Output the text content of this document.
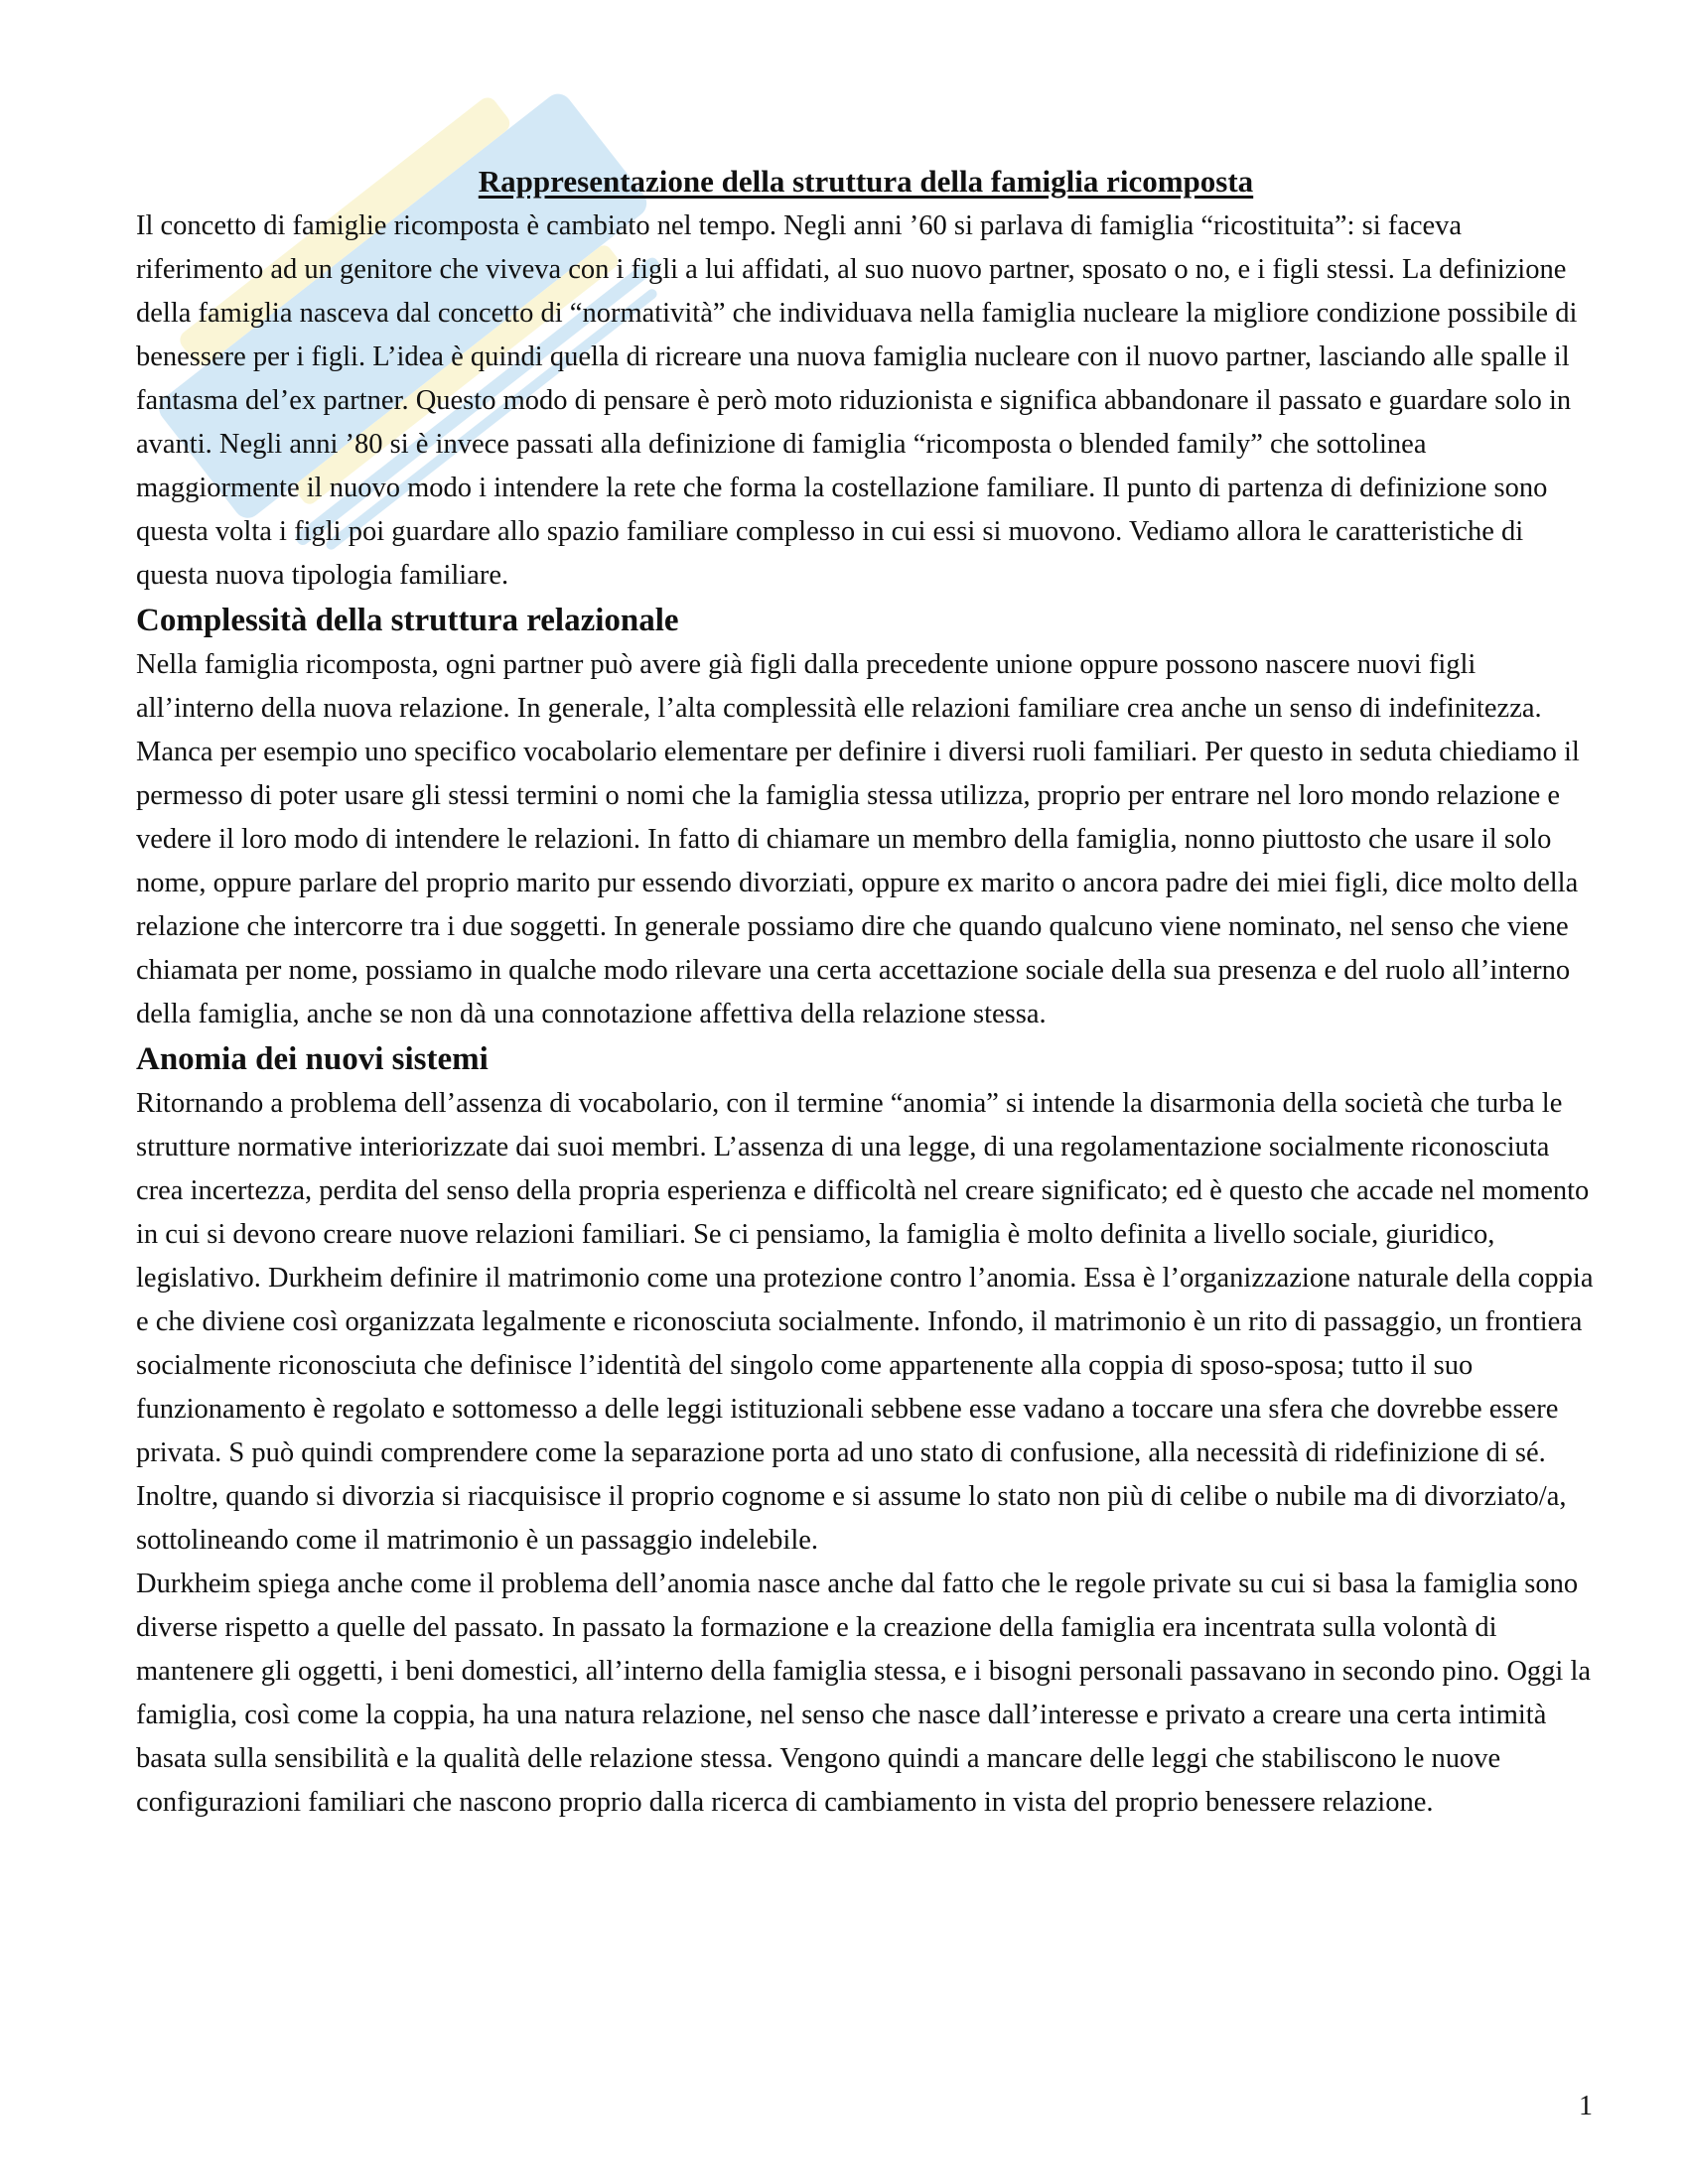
Rappresentazione della struttura della famiglia ricomposta

Il concetto di famiglie ricomposta è cambiato nel tempo. Negli anni ’60 si parlava di famiglia “ricostituita”: si faceva riferimento ad un genitore che viveva con i figli a lui affidati, al suo nuovo partner, sposato o no, e i figli stessi. La definizione della famiglia nasceva dal concetto di “normatività” che individuava nella famiglia nucleare la migliore condizione possibile di benessere per i figli. L’idea è quindi quella di ricreare una nuova famiglia nucleare con il nuovo partner, lasciando alle spalle il fantasma del’ex partner. Questo modo di pensare è però moto riduzionista e significa abbandonare il passato e guardare solo in avanti. Negli anni ’80 si è invece passati alla definizione di famiglia “ricomposta o blended family” che sottolinea maggiormente il nuovo modo i intendere la rete che forma la costellazione familiare. Il punto di partenza di definizione sono questa volta i figli poi guardare allo spazio familiare complesso in cui essi si muovono. Vediamo allora le caratteristiche di questa nuova tipologia familiare.

Complessità della struttura relazionale

Nella famiglia ricomposta, ogni partner può avere già figli dalla precedente unione oppure possono nascere nuovi figli all’interno della nuova relazione. In generale, l’alta complessità elle relazioni familiare crea anche un senso di indefinitezza. Manca per esempio uno specifico vocabolario elementare per definire i diversi ruoli familiari. Per questo in seduta chiediamo il permesso di poter usare gli stessi termini o nomi che la famiglia stessa utilizza, proprio per entrare nel loro mondo relazione e vedere il loro modo di intendere le relazioni. In fatto di chiamare un membro della famiglia, nonno piuttosto che usare il solo nome, oppure parlare del proprio marito pur essendo divorziati, oppure ex marito o ancora padre dei miei figli, dice molto della relazione che intercorre tra i due soggetti. In generale possiamo dire che quando qualcuno viene nominato, nel senso che viene chiamata per nome, possiamo in qualche modo rilevare una certa accettazione sociale della sua presenza e del ruolo all’interno della famiglia, anche se non dà una connotazione affettiva della relazione stessa.

Anomia dei nuovi sistemi

Ritornando a problema dell’assenza di vocabolario, con il termine “anomia” si intende la disarmonia della società che turba le strutture normative interiorizzate dai suoi membri. L’assenza di una legge, di una regolamentazione socialmente riconosciuta crea incertezza, perdita del senso della propria esperienza e difficoltà nel creare significato; ed è questo che accade nel momento in cui si devono creare nuove relazioni familiari. Se ci pensiamo, la famiglia è molto definita a livello sociale, giuridico, legislativo. Durkheim definire il matrimonio come una protezione contro l’anomia. Essa è l’organizzazione naturale della coppia e che diviene così organizzata legalmente e riconosciuta socialmente. Infondo, il matrimonio è un rito di passaggio, un frontiera socialmente riconosciuta che definisce l’identità del singolo come appartenente alla coppia di sposo-sposa; tutto il suo funzionamento è regolato e sottomesso a delle leggi istituzionali sebbene esse vadano a toccare una sfera che dovrebbe essere privata. S può quindi comprendere come la separazione porta ad uno stato di confusione, alla necessità di ridefinizione di sé. Inoltre, quando si divorzia si riacquisisce il proprio cognome e si assume lo stato non più di celibe o nubile ma di divorziato/a, sottolineando come il matrimonio è un passaggio indelebile.

Durkheim spiega anche come il problema dell’anomia nasce anche dal fatto che le regole private su cui si basa la famiglia sono diverse rispetto a quelle del passato. In passato la formazione e la creazione della famiglia era incentrata sulla volontà di mantenere gli oggetti, i beni domestici, all’interno della famiglia stessa, e i bisogni personali passavano in secondo pino. Oggi la famiglia, così come la coppia, ha una natura relazione, nel senso che nasce dall’interesse e privato a creare una certa intimità basata sulla sensibilità e la qualità delle relazione stessa. Vengono quindi a mancare delle leggi che stabiliscono le nuove configurazioni familiari che nascono proprio dalla ricerca di cambiamento in vista del proprio benessere relazione.

1
